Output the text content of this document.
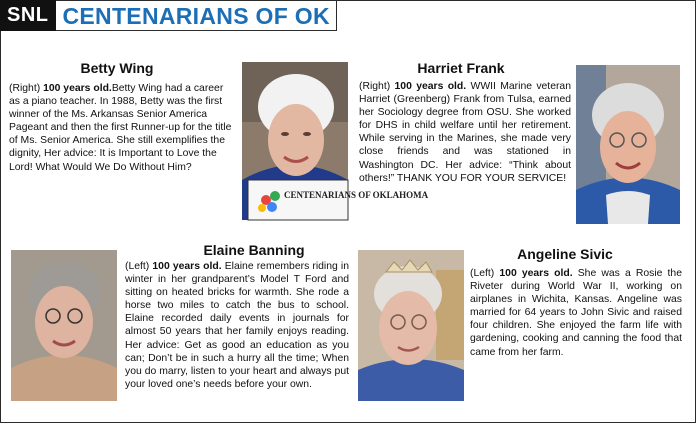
SNL CENTENARIANS OF OK
Betty Wing
(Right) 100 years old.Betty Wing had a career as a piano teacher. In 1988, Betty was the first winner of the Ms. Arkansas Senior America Pageant and then the first Runner-up for the title of Ms. Senior America. She still exemplifies the dignity, Her advice: It is Important to Love the Lord! What Would We Do Without Him?
CENTENARIANS OF OKLAHOMA
Harriet Frank
(Right) 100 years old. WWII Marine veteran Harriet (Greenberg) Frank from Tulsa, earned her Sociology degree from OSU. She worked for DHS in child welfare until her retirement. While serving in the Marines, she made very close friends and was stationed in Washington DC. Her advice: “Think about others!” THANK YOU FOR YOUR SERVICE!
Elaine Banning
(Left) 100 years old. Elaine remembers riding in winter in her grandparent’s Model T Ford and sitting on heated bricks for warmth. She rode a horse two miles to catch the bus to school. Elaine recorded daily events in journals for almost 50 years that her family enjoys reading. Her advice: Get as good an education as you can; Don’t be in such a hurry all the time; When you do marry, listen to your heart and always put your loved one’s needs before your own.
Angeline Sivic
(Left) 100 years old. She was a Rosie the Riveter during World War II, working on airplanes in Wichita, Kansas. Angeline was married for 64 years to John Sivic and raised four children. She enjoyed the farm life with gardening, cooking and canning the food that came from her farm.
